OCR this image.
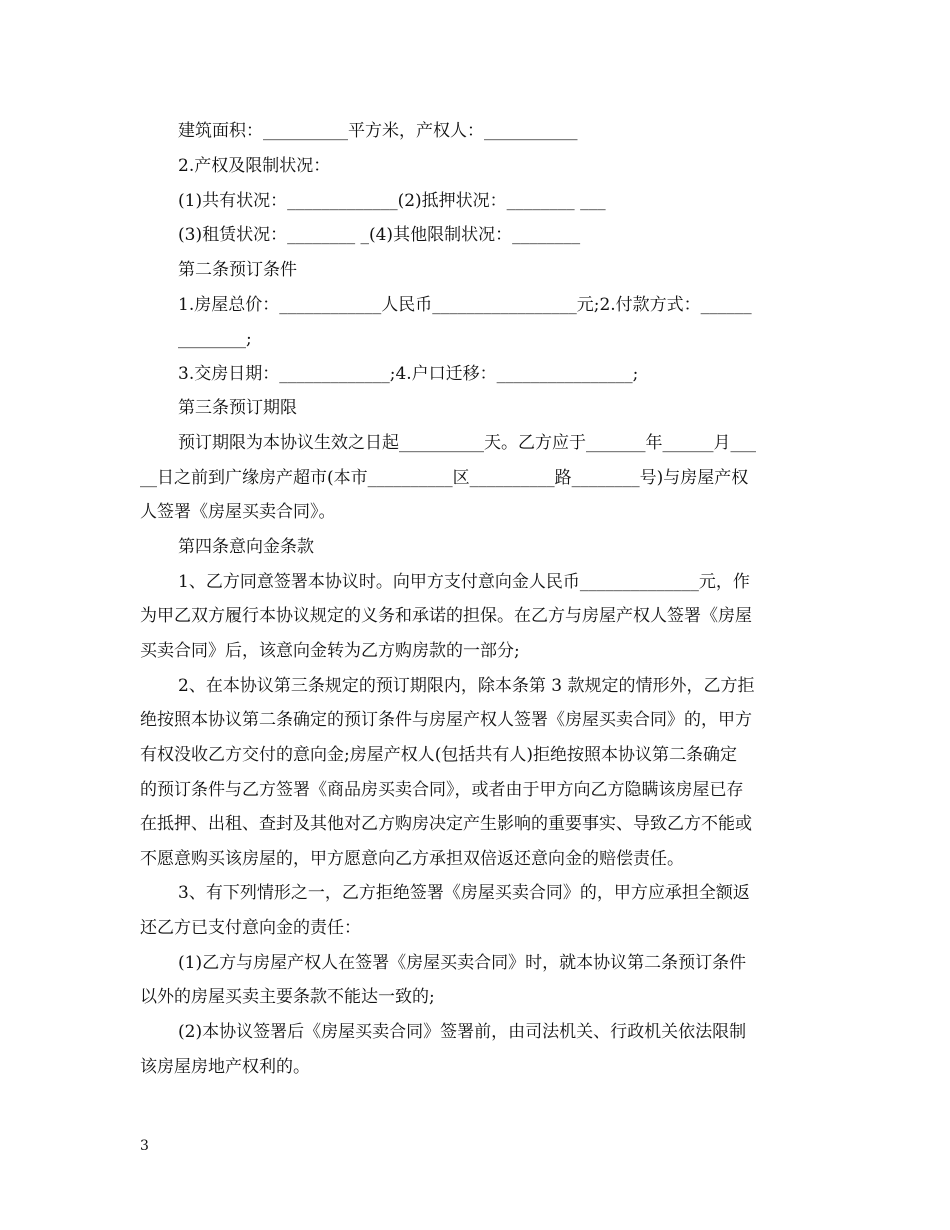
建筑面积：__________平方米，产权人：___________
2.产权及限制状况：
(1)共有状况：_____________(2)抵押状况：________ ___
(3)租赁状况：________ _(4)其他限制状况：________
第二条预订条件
1.房屋总价：____________人民币_________________元;2.付款方式：______
________;
3.交房日期：_____________;4.户口迁移：________________;
第三条预订期限
预订期限为本协议生效之日起__________天。乙方应于_______年______月___
__日之前到广缘房产超市(本市__________区__________路________号)与房屋产权
人签署《房屋买卖合同》。
第四条意向金条款
1、乙方同意签署本协议时。向甲方支付意向金人民币______________元，作
为甲乙双方履行本协议规定的义务和承诺的担保。在乙方与房屋产权人签署《房屋
买卖合同》后，该意向金转为乙方购房款的一部分;
2、在本协议第三条规定的预订期限内，除本条第 3 款规定的情形外，乙方拒
绝按照本协议第二条确定的预订条件与房屋产权人签署《房屋买卖合同》的，甲方
有权没收乙方交付的意向金;房屋产权人(包括共有人)拒绝按照本协议第二条确定
的预订条件与乙方签署《商品房买卖合同》，或者由于甲方向乙方隐瞒该房屋已存
在抵押、出租、查封及其他对乙方购房决定产生影响的重要事实、导致乙方不能或
不愿意购买该房屋的，甲方愿意向乙方承担双倍返还意向金的赔偿责任。
3、有下列情形之一，乙方拒绝签署《房屋买卖合同》的，甲方应承担全额返
还乙方已支付意向金的责任：
(1)乙方与房屋产权人在签署《房屋买卖合同》时，就本协议第二条预订条件
以外的房屋买卖主要条款不能达一致的;
(2)本协议签署后《房屋买卖合同》签署前，由司法机关、行政机关依法限制
该房屋房地产权利的。
3
